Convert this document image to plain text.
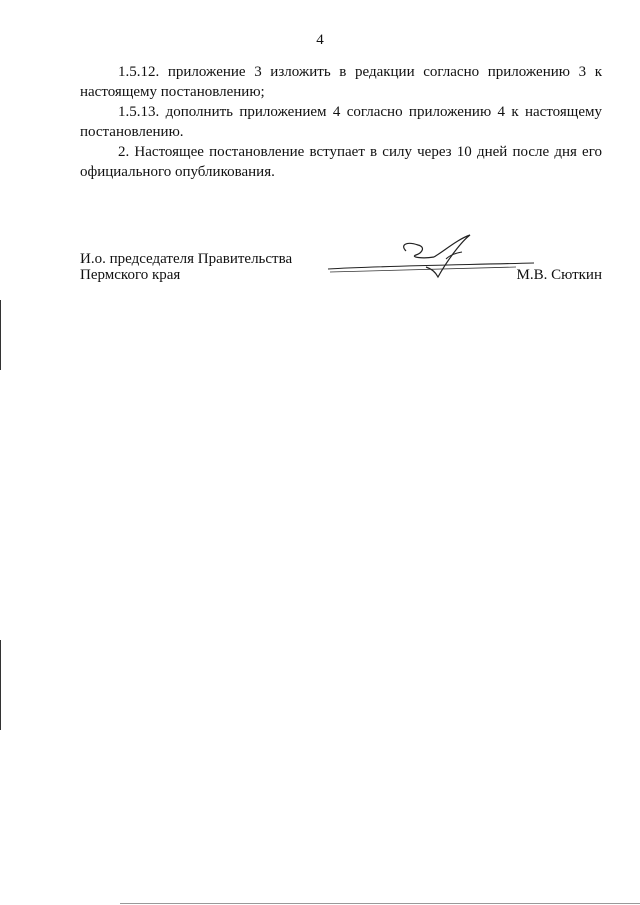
4

1.5.12. приложение 3 изложить в редакции согласно приложению 3 к настоящему постановлению;

1.5.13. дополнить приложением 4 согласно приложению 4 к настоящему постановлению.

2. Настоящее постановление вступает в силу через 10 дней после дня его официального опубликования.

И.о. председателя Правительства
Пермского края	М.В. Сюткин
